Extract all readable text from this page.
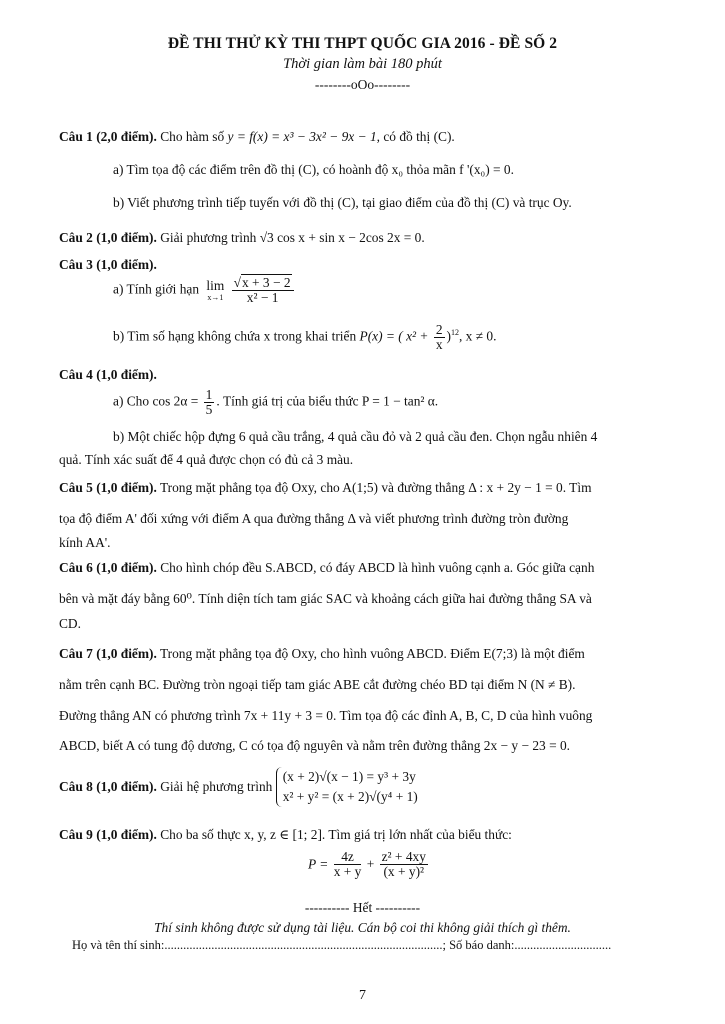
ĐỀ THI THỬ KỲ THI THPT QUỐC GIA 2016 - ĐỀ SỐ 2
Thời gian làm bài 180 phút
--------oOo--------
Câu 1 (2,0 điểm). Cho hàm số y = f(x) = x³ − 3x² − 9x − 1, có đồ thị (C).
a) Tìm tọa độ các điểm trên đồ thị (C), có hoành độ x₀ thỏa mãn f '(x₀) = 0.
b) Viết phương trình tiếp tuyến với đồ thị (C), tại giao điểm của đồ thị (C) và trục Oy.
Câu 2 (1,0 điểm). Giải phương trình √3 cos x + sin x − 2cos 2x = 0.
Câu 3 (1,0 điểm).
a) Tính giới hạn lim
x→1
$\frac{√x + 3 - 2}{\text{x² − 1}}$
b) Tìm số hạng không chứa x trong khai triển P(x) = ( $x^2 + \frac{2}{x} )^{12}$, x ≠ 0.
Câu 4 (1,0 điểm).
a) Cho $\cos 2\alpha = \frac{1}{5}$ . Tính giá trị của biểu thức P = 1 − tan² α.
b) Một chiếc hộp đựng 6 quả cầu trắng, 4 quả cầu đỏ và 2 quả cầu đen. Chọn ngẫu nhiên 4
quả. Tính xác suất để 4 quả được chọn có đủ cả 3 màu.
Câu 5 (1,0 điểm). Trong mặt phẳng tọa độ Oxy, cho A(1;5) và đường thẳng Δ : x + 2y − 1 = 0. Tìm
tọa độ điểm A' đối xứng với điểm A qua đường thẳng Δ và viết phương trình đường tròn đường
kính AA'.
Câu 6 (1,0 điểm). Cho hình chóp đều S.ABCD, có đáy ABCD là hình vuông cạnh a. Góc giữa cạnh
bên và mặt đáy bằng 60⁰. Tính diện tích tam giác SAC và khoảng cách giữa hai đường thẳng SA và
CD.
Câu 7 (1,0 điểm). Trong mặt phẳng tọa độ Oxy, cho hình vuông ABCD. Điểm E(7;3) là một điểm
nằm trên cạnh BC. Đường tròn ngoại tiếp tam giác ABE cắt đường chéo BD tại điểm N (N ≠ B).
Đường thẳng AN có phương trình 7x + 11y + 3 = 0. Tìm tọa độ các đỉnh A, B, C, D của hình vuông
ABCD, biết A có tung độ dương, C có tọa độ nguyên và nằm trên đường thẳng 2x − y − 23 = 0.
Câu 8 (1,0 điểm). Giải hệ phương trình
(x + 2)√(x − 1) = y³ + 3y
x² + y² = (x + 2)√(y⁴ + 1)
Câu 9 (1,0 điểm). Cho ba số thực x, y, z ∈ [1; 2]. Tìm giá trị lớn nhất của biểu thức:
$P = \frac{4z}{x + y} + \frac{\text{z² + 4xy}}{\text{(x + y)²}}$
---------- Hết ----------
Thí sinh không được sử dụng tài liệu. Cán bộ coi thi không giải thích gì thêm.
Họ và tên thí sinh:.........................................................................................; Số báo danh:...............................
7
